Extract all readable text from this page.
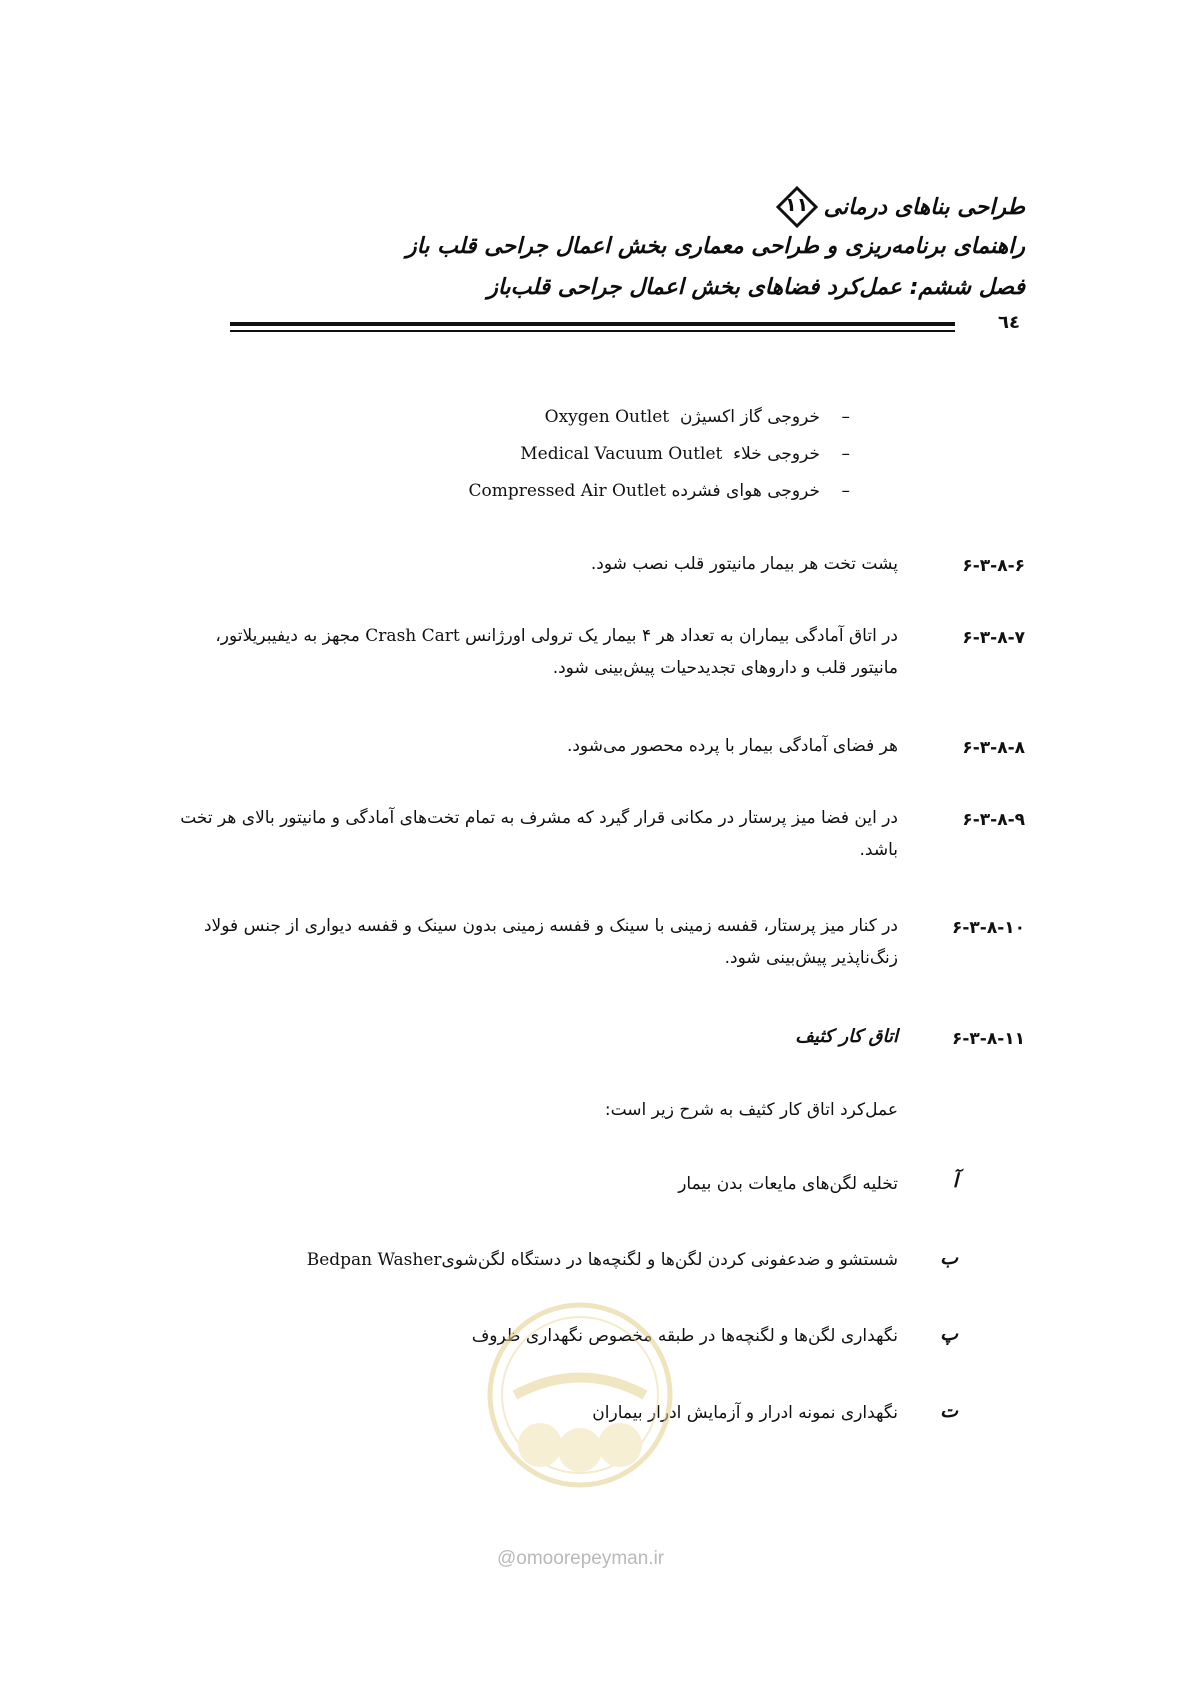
طراحی بناهای درمانی
۱۱
راهنمای برنامه‌ریزی و طراحی معماری بخش اعمال جراحی قلب باز
فصل ششم: عمل‌کرد فضاهای بخش اعمال جراحی قلب‌باز
٦٤
–خروجی گاز اکسیژن  Oxygen Outlet
–خروجی خلاء  Medical Vacuum Outlet
–خروجی هوای فشرده Compressed Air Outlet
۶-۳-۸-۶
پشت تخت هر بیمار مانیتور قلب نصب شود.
۶-۳-۸-۷
در اتاق آمادگی بیماران به تعداد هر ۴ بیمار یک ترولی اورژانس Crash Cart مجهز به دیفیبریلاتور، مانیتور قلب و داروهای تجدیدحیات پیش‌بینی شود.
۶-۳-۸-۸
هر فضای آمادگی بیمار با پرده محصور می‌شود.
۶-۳-۸-۹
در این فضا میز پرستار در مکانی قرار گیرد که مشرف به تمام تخت‌های آمادگی و مانیتور بالای هر تخت باشد.
۶-۳-۸-۱۰
در کنار میز پرستار، قفسه زمینی با سینک و قفسه زمینی بدون سینک و قفسه دیواری از جنس فولاد زنگ‌ناپذیر پیش‌بینی شود.
۶-۳-۸-۱۱
اتاق کار کثیف
عمل‌کرد اتاق کار کثیف به شرح زیر است:
آ
تخلیه لگن‌های مایعات بدن بیمار
ب
شستشو و ضدعفونی کردن لگن‌ها و لگنچه‌ها در دستگاه لگن‌شویBedpan Washer
پ
نگهداری لگن‌ها و لگنچه‌ها در طبقه مخصوص نگهداری ظروف
ت
نگهداری نمونه ادرار و آزمایش ادرار بیماران
@omoorepeyman.ir
